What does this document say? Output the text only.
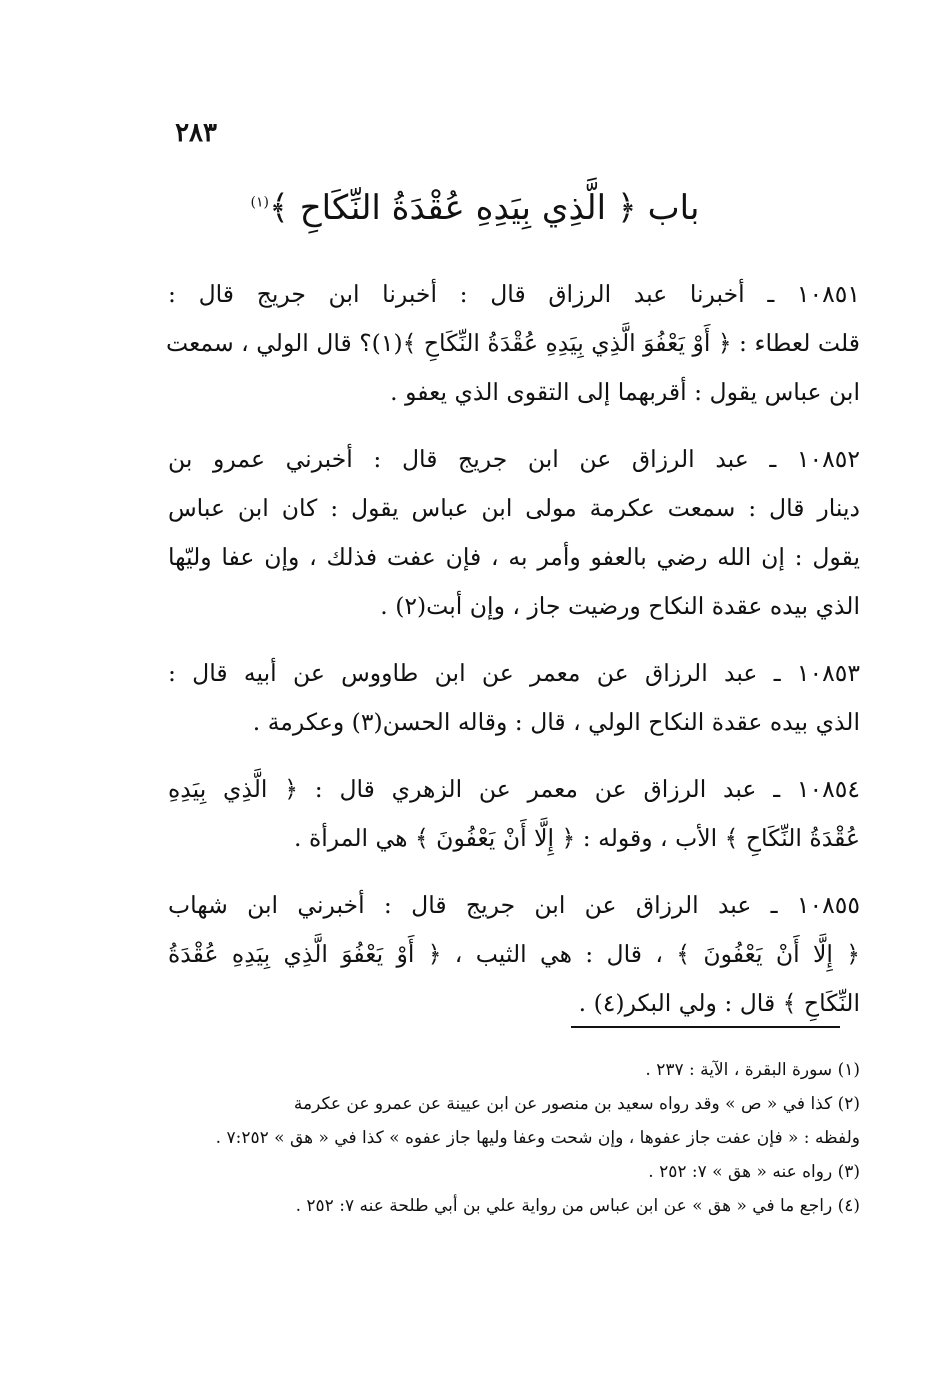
٢٨٣
باب ﴿ الَّذِي بِيَدِهِ عُقْدَةُ النِّكَاحِ ﴾$^{(١)}$
١٠٨٥١ ـ أخبرنا عبد الرزاق قال : أخبرنا ابن جريج قال :
قلت لعطاء : ﴿ أَوْ يَعْفُوَ الَّذِي بِيَدِهِ عُقْدَةُ النِّكَاحِ ﴾(١)؟ قال الولي ، سمعت
ابن عباس يقول : أقربهما إلى التقوى الذي يعفو .
١٠٨٥٢ ـ عبد الرزاق عن ابن جريج قال : أخبرني عمرو بن
دينار قال : سمعت عكرمة مولى ابن عباس يقول : كان ابن عباس
يقول : إن الله رضي بالعفو وأمر به ، فإن عفت فذلك ، وإن عفا وليّها
الذي بيده عقدة النكاح ورضيت جاز ، وإن أبت(٢) .
١٠٨٥٣ ـ عبد الرزاق عن معمر عن ابن طاووس عن أبيه قال :
الذي بيده عقدة النكاح الولي ، قال : وقاله الحسن(٣) وعكرمة .
١٠٨٥٤ ـ عبد الرزاق عن معمر عن الزهري قال : ﴿ الَّذِي بِيَدِهِ
عُقْدَةُ النِّكَاحِ ﴾ الأب ، وقوله : ﴿ إِلَّا أَنْ يَعْفُونَ ﴾ هي المرأة .
١٠٨٥٥ ـ عبد الرزاق عن ابن جريج قال : أخبرني ابن شهاب
﴿ إِلَّا أَنْ يَعْفُونَ ﴾ ، قال : هي الثيب ، ﴿ أَوْ يَعْفُوَ الَّذِي بِيَدِهِ عُقْدَةُ
النِّكَاحِ ﴾ قال : ولي البكر(٤) .
(١) سورة البقرة ، الآية : ٢٣٧ .
(٢) كذا في « ص » وقد رواه سعيد بن منصور عن ابن عيينة عن عمرو عن عكرمة
ولفظه : « فإن عفت جاز عفوها ، وإن شحت وعفا وليها جاز عفوه » كذا في « هق » ٧:٢٥٢ .
(٣) رواه عنه « هق » ٧: ٢٥٢ .
(٤) راجع ما في « هق » عن ابن عباس من رواية علي بن أبي طلحة عنه ٧: ٢٥٢ .
